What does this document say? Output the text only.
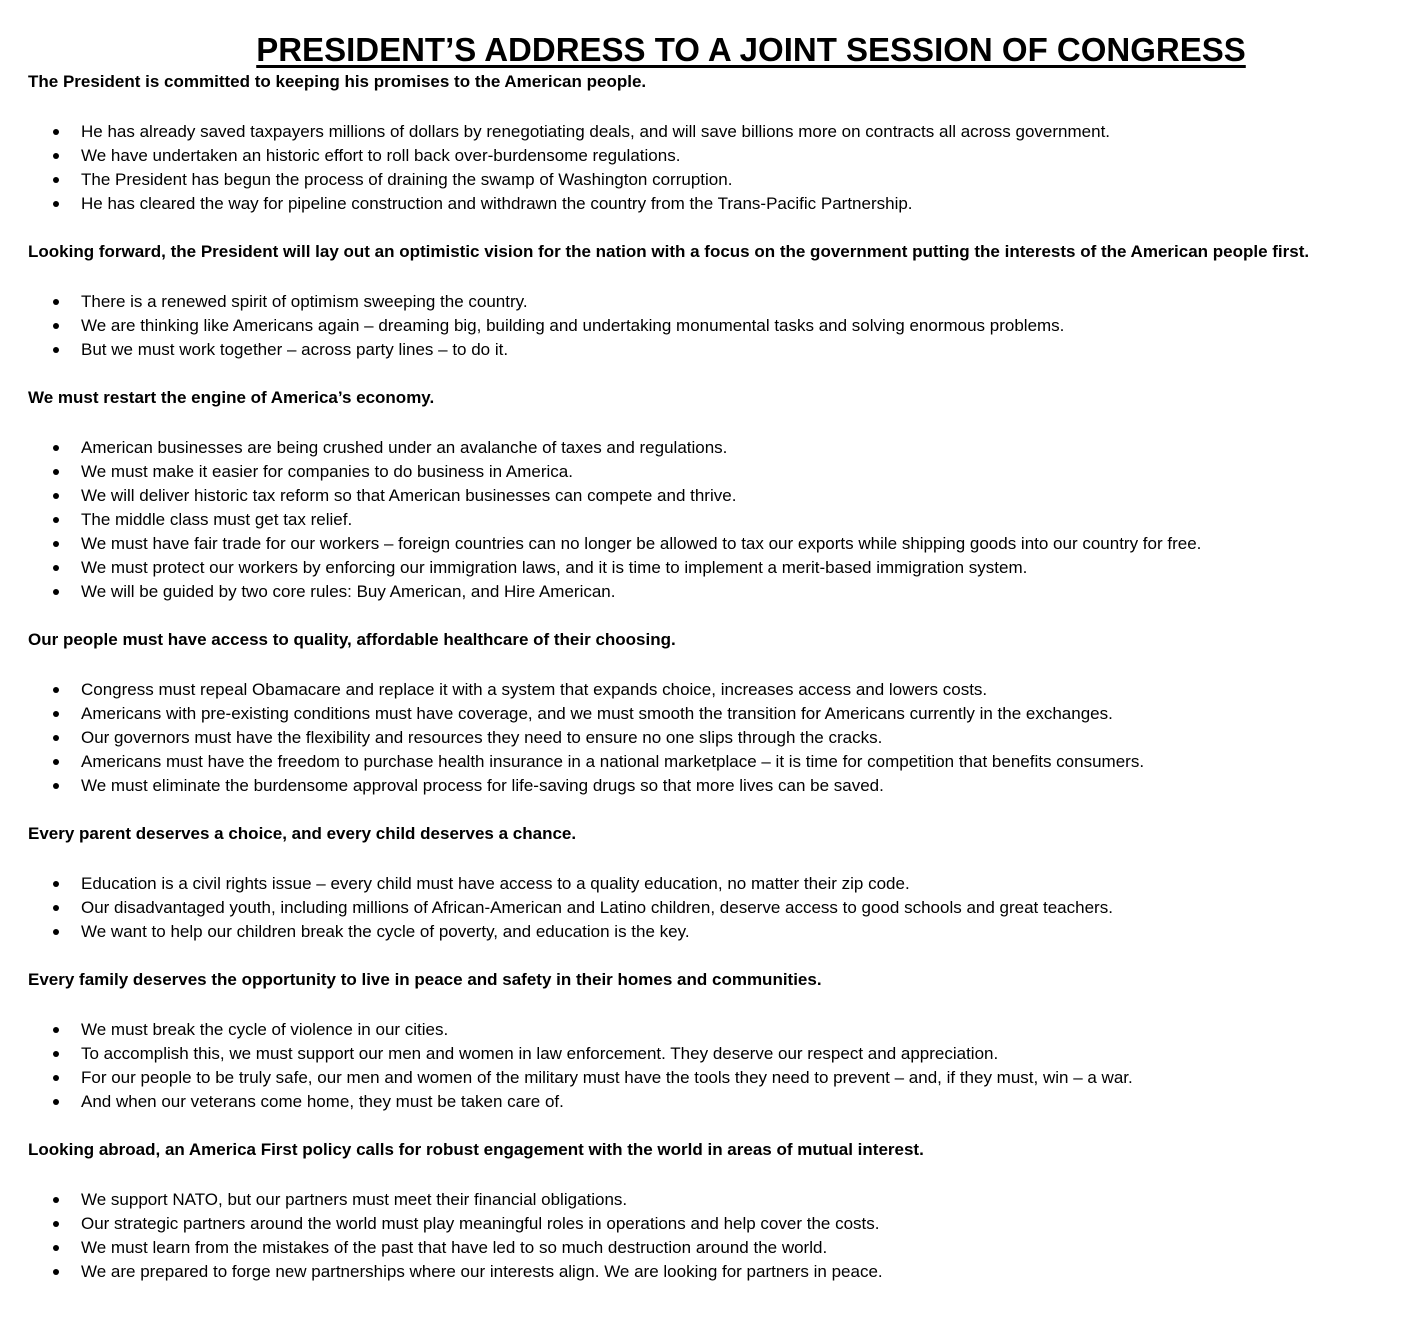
PRESIDENT’S ADDRESS TO A JOINT SESSION OF CONGRESS

The President is committed to keeping his promises to the American people.

He has already saved taxpayers millions of dollars by renegotiating deals, and will save billions more on contracts all across government.
We have undertaken an historic effort to roll back over-burdensome regulations.
The President has begun the process of draining the swamp of Washington corruption.
He has cleared the way for pipeline construction and withdrawn the country from the Trans-Pacific Partnership.

Looking forward, the President will lay out an optimistic vision for the nation with a focus on the government putting the interests of the American people first.

There is a renewed spirit of optimism sweeping the country.
We are thinking like Americans again – dreaming big, building and undertaking monumental tasks and solving enormous problems.
But we must work together – across party lines – to do it.

We must restart the engine of America’s economy.

American businesses are being crushed under an avalanche of taxes and regulations.
We must make it easier for companies to do business in America.
We will deliver historic tax reform so that American businesses can compete and thrive.
The middle class must get tax relief.
We must have fair trade for our workers – foreign countries can no longer be allowed to tax our exports while shipping goods into our country for free.
We must protect our workers by enforcing our immigration laws, and it is time to implement a merit-based immigration system.
We will be guided by two core rules: Buy American, and Hire American.

Our people must have access to quality, affordable healthcare of their choosing.

Congress must repeal Obamacare and replace it with a system that expands choice, increases access and lowers costs.
Americans with pre-existing conditions must have coverage, and we must smooth the transition for Americans currently in the exchanges.
Our governors must have the flexibility and resources they need to ensure no one slips through the cracks.
Americans must have the freedom to purchase health insurance in a national marketplace – it is time for competition that benefits consumers.
We must eliminate the burdensome approval process for life-saving drugs so that more lives can be saved.

Every parent deserves a choice, and every child deserves a chance.

Education is a civil rights issue – every child must have access to a quality education, no matter their zip code.
Our disadvantaged youth, including millions of African-American and Latino children, deserve access to good schools and great teachers.
We want to help our children break the cycle of poverty, and education is the key.

Every family deserves the opportunity to live in peace and safety in their homes and communities.

We must break the cycle of violence in our cities.
To accomplish this, we must support our men and women in law enforcement. They deserve our respect and appreciation.
For our people to be truly safe, our men and women of the military must have the tools they need to prevent – and, if they must, win – a war.
And when our veterans come home, they must be taken care of.

Looking abroad, an America First policy calls for robust engagement with the world in areas of mutual interest.

We support NATO, but our partners must meet their financial obligations.
Our strategic partners around the world must play meaningful roles in operations and help cover the costs.
We must learn from the mistakes of the past that have led to so much destruction around the world.
We are prepared to forge new partnerships where our interests align. We are looking for partners in peace.
